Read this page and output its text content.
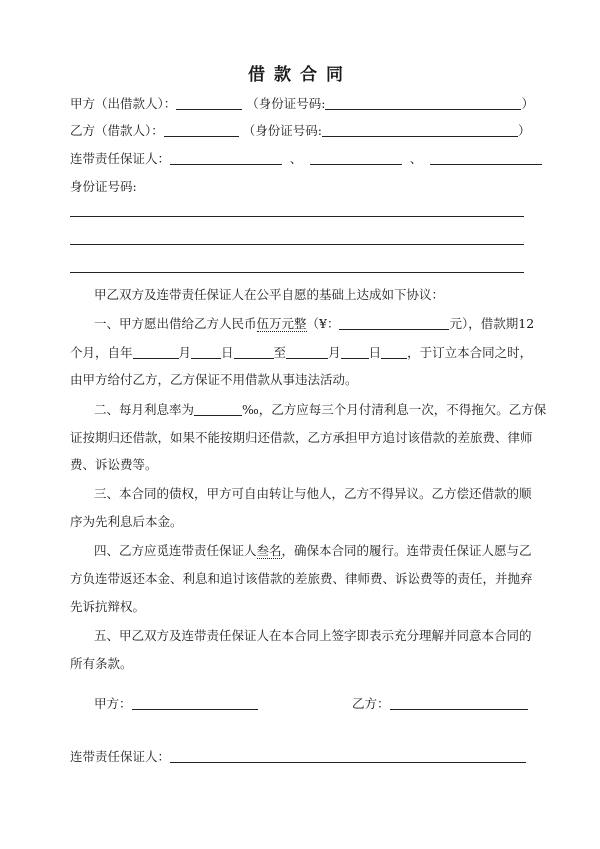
借款合同
甲方（出借款人）：	（身份证号码:	）
乙方（借款人）：	（身份证号码:	）
连带责任保证人：	、	、
身份证号码:
甲乙双方及连带责任保证人在公平自愿的基础上达成如下协议：
一、甲方愿出借给乙方人民币伍万元整（¥：	元），借款期12
个月，自年	月 日	至	月 日 ，于订立本合同之时，
由甲方给付乙方，乙方保证不用借款从事违法活动。
二、每月利息率为	‰，乙方应每三个月付清利息一次，不得拖欠。乙方保
证按期归还借款，如果不能按期归还借款，乙方承担甲方追讨该借款的差旅费、律师
费、诉讼费等。
三、本合同的债权，甲方可自由转让与他人，乙方不得异议。乙方偿还借款的顺
序为先利息后本金。
四、乙方应觅连带责任保证人叁名，确保本合同的履行。连带责任保证人愿与乙
方负连带返还本金、利息和追讨该借款的差旅费、律师费、诉讼费等的责任，并抛弃
先诉抗辩权。
五、甲乙双方及连带责任保证人在本合同上签字即表示充分理解并同意本合同的
所有条款。
甲方：	乙方：
连带责任保证人：
